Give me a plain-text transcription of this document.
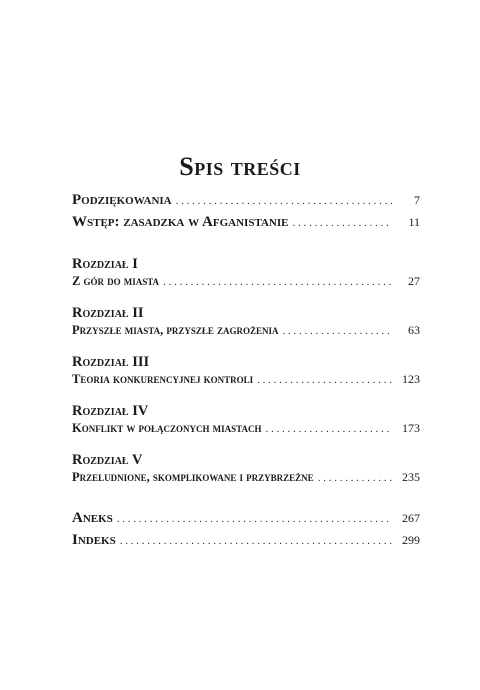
Spis treści
Podziękowania . . .	7
Wstęp: zasadzka w Afganistanie . . .	11
Rozdział I
Z gór do miasta . . .	27
Rozdział II
Przyszłe miasta, przyszłe zagrożenia . . .	63
Rozdział III
Teoria konkurencyjnej kontroli . . .	123
Rozdział IV
Konflikt w połączonych miastach . . .	173
Rozdział V
Przeludnione, skomplikowane i przybrzeżne . . .	235
Aneks . . .	267
Indeks . . .	299
